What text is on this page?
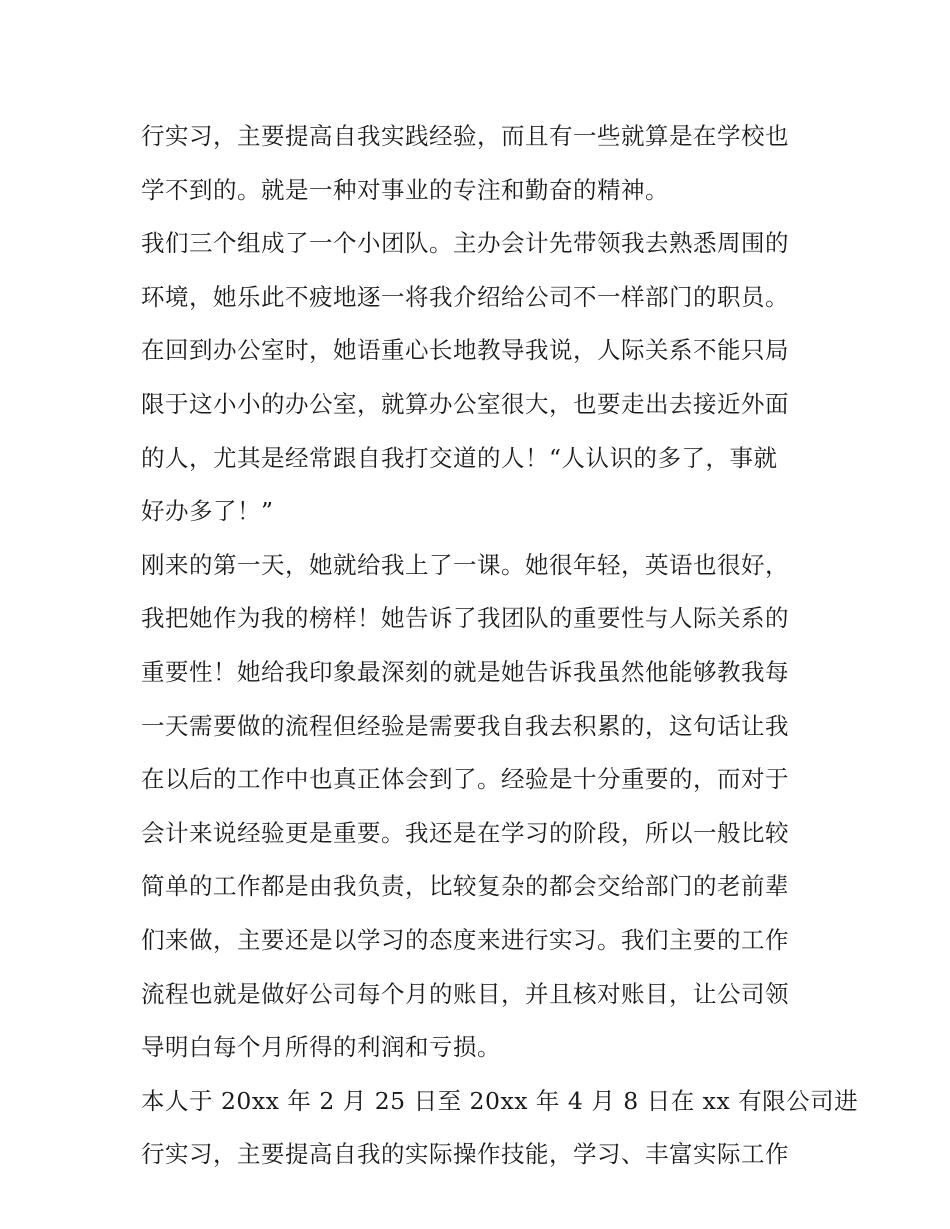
行实习，主要提高自我实践经验，而且有一些就算是在学校也
学不到的。就是一种对事业的专注和勤奋的精神。
我们三个组成了一个小团队。主办会计先带领我去熟悉周围的
环境，她乐此不疲地逐一将我介绍给公司不一样部门的职员。
在回到办公室时，她语重心长地教导我说，人际关系不能只局
限于这小小的办公室，就算办公室很大，也要走出去接近外面
的人，尤其是经常跟自我打交道的人！“人认识的多了，事就
好办多了！”
刚来的第一天，她就给我上了一课。她很年轻，英语也很好，
我把她作为我的榜样！她告诉了我团队的重要性与人际关系的
重要性！她给我印象最深刻的就是她告诉我虽然他能够教我每
一天需要做的流程但经验是需要我自我去积累的，这句话让我
在以后的工作中也真正体会到了。经验是十分重要的，而对于
会计来说经验更是重要。我还是在学习的阶段，所以一般比较
简单的工作都是由我负责，比较复杂的都会交给部门的老前辈
们来做，主要还是以学习的态度来进行实习。我们主要的工作
流程也就是做好公司每个月的账目，并且核对账目，让公司领
导明白每个月所得的利润和亏损。
本人于 20xx 年 2 月 25 日至 20xx 年 4 月 8 日在 xx 有限公司进
行实习，主要提高自我的实际操作技能，学习、丰富实际工作
